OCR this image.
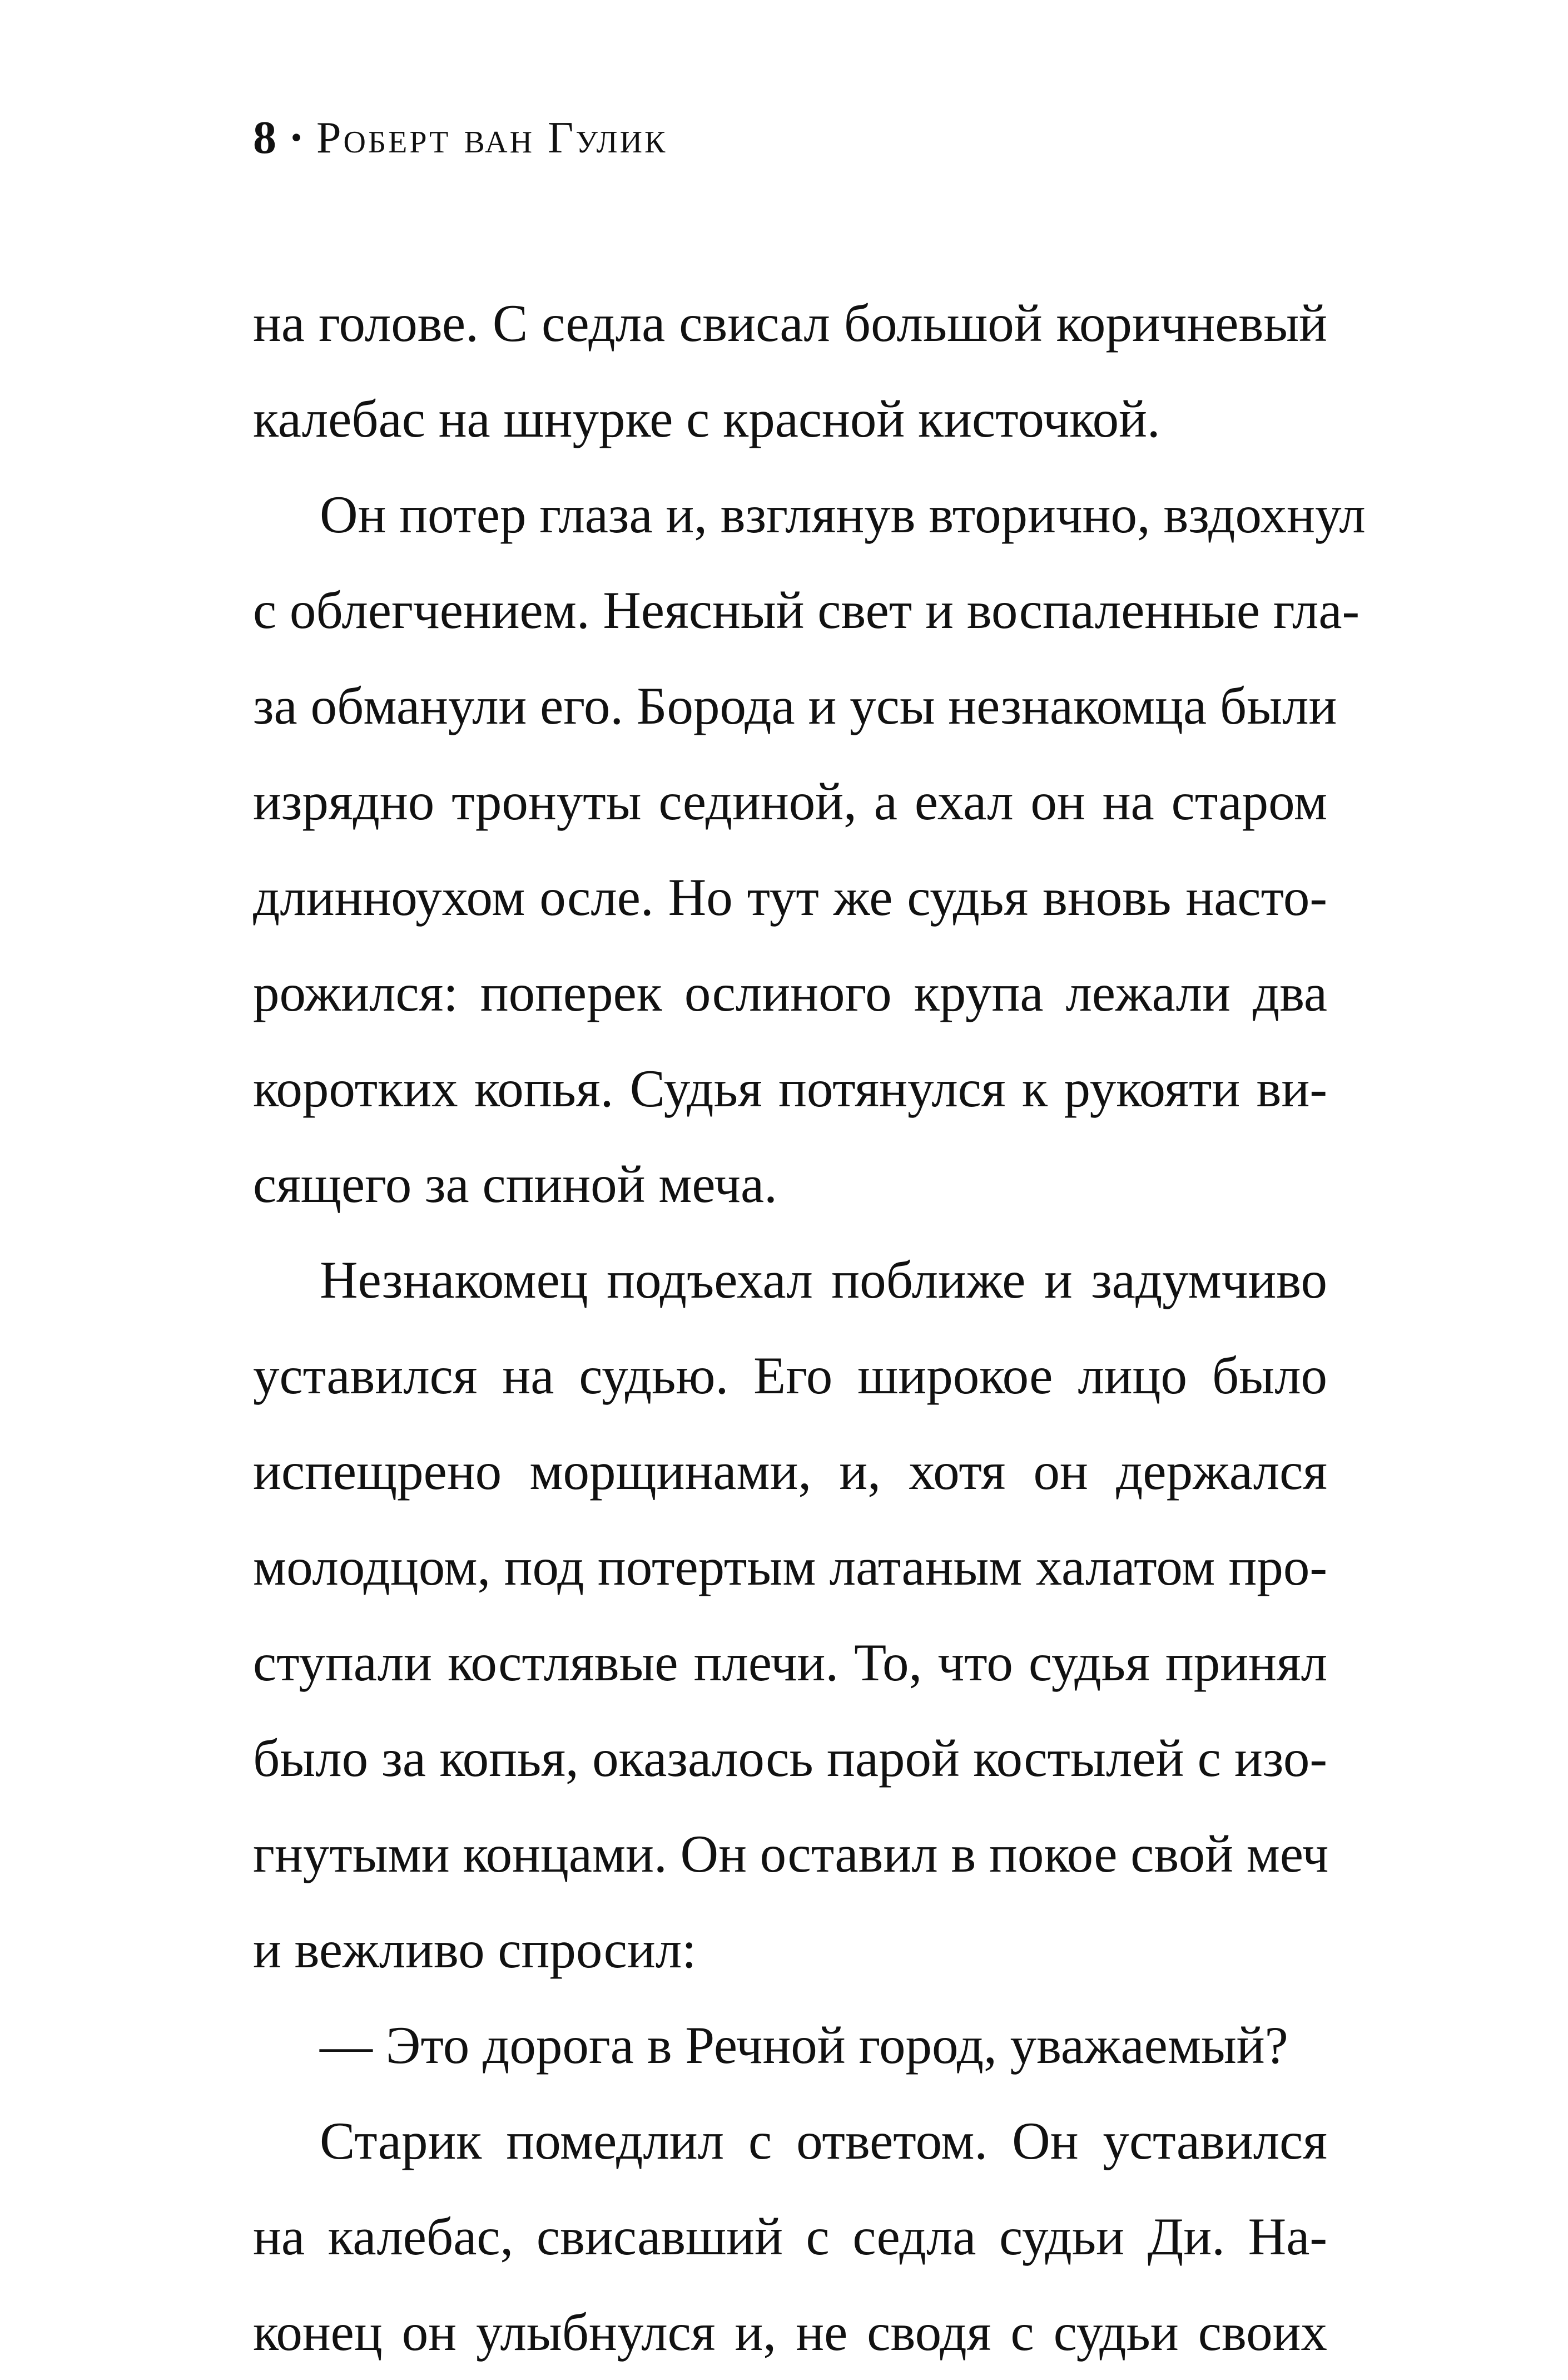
8 · Роберт ван Гулик
на голове. С седла свисал большой коричневый
калебас на шнурке с красной кисточкой.
Он потер глаза и, взглянув вторично, вздохнул
с облегчением. Неясный свет и воспаленные гла-
за обманули его. Борода и усы незнакомца были
изрядно тронуты сединой, а ехал он на старом
длинноухом осле. Но тут же судья вновь насто-
рожился: поперек ослиного крупа лежали два
коротких копья. Судья потянулся к рукояти ви-
сящего за спиной меча.
Незнакомец подъехал поближе и задумчиво
уставился на судью. Его широкое лицо было
испещрено морщинами, и, хотя он держался
молодцом, под потертым латаным халатом про-
ступали костлявые плечи. То, что судья принял
было за копья, оказалось парой костылей с изо-
гнутыми концами. Он оставил в покое свой меч
и вежливо спросил:
— Это дорога в Речной город, уважаемый?
Старик помедлил с ответом. Он уставился
на калебас, свисавший с седла судьи Ди. На-
конец он улыбнулся и, не сводя с судьи своих
